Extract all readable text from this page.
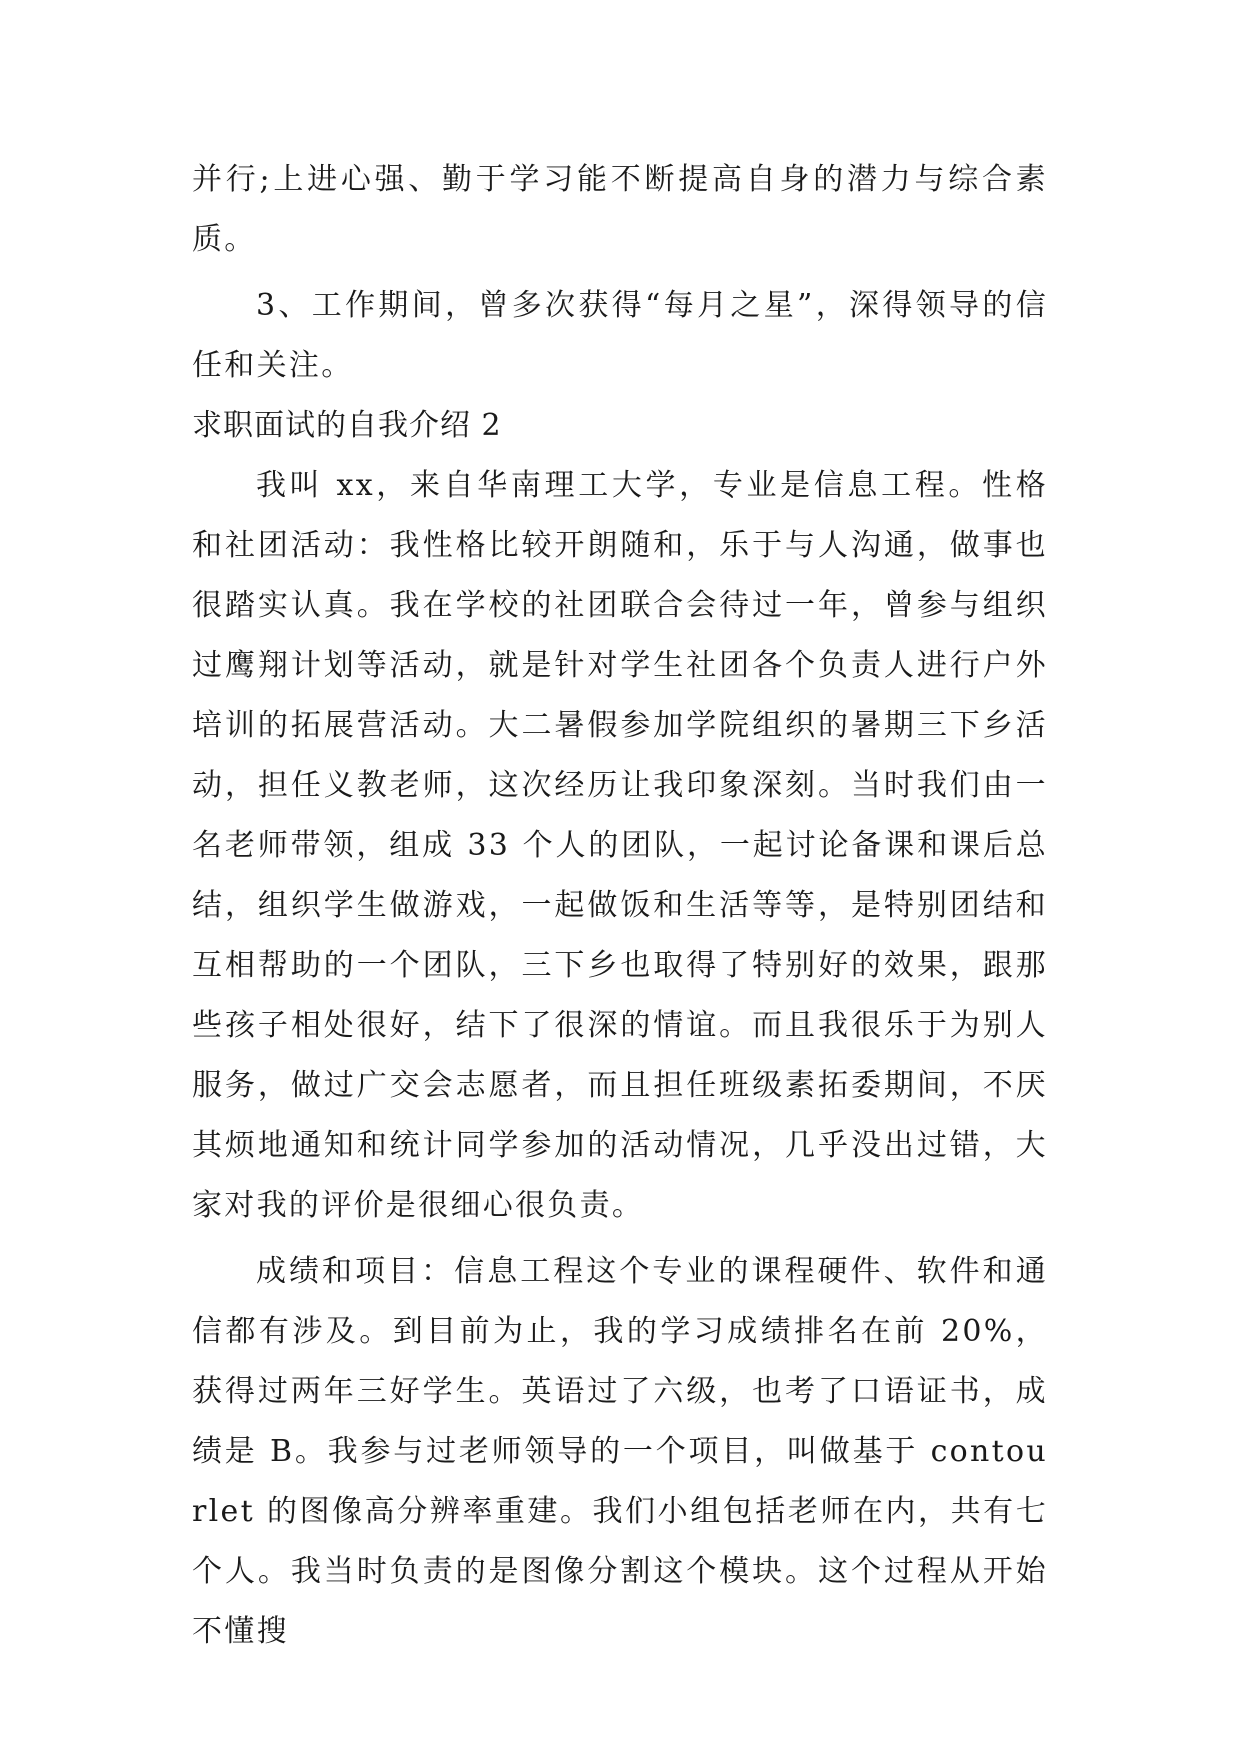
并行;上进心强、勤于学习能不断提高自身的潜力与综合素质。

3、工作期间，曾多次获得“每月之星”，深得领导的信任和关注。

求职面试的自我介绍 2

我叫 xx，来自华南理工大学，专业是信息工程。性格和社团活动：我性格比较开朗随和，乐于与人沟通，做事也很踏实认真。我在学校的社团联合会待过一年，曾参与组织过鹰翔计划等活动，就是针对学生社团各个负责人进行户外培训的拓展营活动。大二暑假参加学院组织的暑期三下乡活动，担任义教老师，这次经历让我印象深刻。当时我们由一名老师带领，组成 33 个人的团队，一起讨论备课和课后总结，组织学生做游戏，一起做饭和生活等等，是特别团结和互相帮助的一个团队，三下乡也取得了特别好的效果，跟那些孩子相处很好，结下了很深的情谊。而且我很乐于为别人服务，做过广交会志愿者，而且担任班级素拓委期间，不厌其烦地通知和统计同学参加的活动情况，几乎没出过错，大家对我的评价是很细心很负责。

成绩和项目：信息工程这个专业的课程硬件、软件和通信都有涉及。到目前为止，我的学习成绩排名在前 20%，获得过两年三好学生。英语过了六级，也考了口语证书，成绩是 B。我参与过老师领导的一个项目，叫做基于 contourlet 的图像高分辨率重建。我们小组包括老师在内，共有七个人。我当时负责的是图像分割这个模块。这个过程从开始不懂搜
